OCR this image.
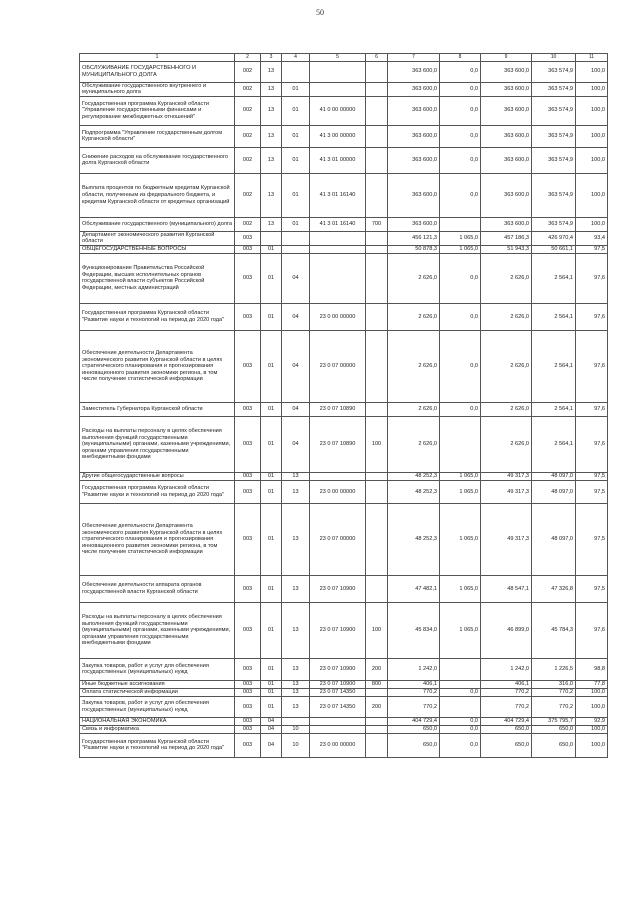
50
1	2	3	4	5	6	7	8	9	10	11
ОБСЛУЖИВАНИЕ ГОСУДАРСТВЕННОГО И МУНИЦИПАЛЬНОГО ДОЛГА	002	13				363 600,0	0,0	363 600,0	363 574,9	100,0
Обслуживание государственного внутреннего и муниципального долга	002	13	01			363 600,0	0,0	363 600,0	363 574,9	100,0
Государственная программа Курганской области "Управление государственными финансами и регулирование межбюджетных отношений"	002	13	01	41 0 00 00000		363 600,0	0,0	363 600,0	363 574,9	100,0
Подпрограмма "Управление государственным долгом Курганской области"	002	13	01	41 3 00 00000		363 600,0	0,0	363 600,0	363 574,9	100,0
Снижение расходов на обслуживание государственного долга Курганской области	002	13	01	41 3 01 00000		363 600,0	0,0	363 600,0	363 574,9	100,0
Выплата процентов по бюджетным кредитам Курганской области, полученным из федерального бюджета, и кредитам Курганской области от кредитных организаций	002	13	01	41 3 01 16140		363 600,0	0,0	363 600,0	363 574,9	100,0
Обслуживание государственного (муниципального) долга	002	13	01	41 3 01 16140	700	363 600,0		363 600,0	363 574,9	100,0
Департамент экономического развития Курганской области	003					456 121,3	1 065,0	457 186,3	426 970,4	93,4
ОБЩЕГОСУДАРСТВЕННЫЕ ВОПРОСЫ	003	01				50 878,3	1 065,0	51 943,3	50 661,1	97,5
Функционирование Правительства Российской Федерации, высших исполнительных органов государственной власти субъектов Российской Федерации, местных администраций	003	01	04			2 626,0	0,0	2 626,0	2 564,1	97,6
Государственная программа Курганской области "Развитие науки и технологий на период до 2020 года"	003	01	04	23 0 00 00000		2 626,0	0,0	2 626,0	2 564,1	97,6
Обеспечение деятельности Департамента экономического развития Курганской области в целях стратегического планирования и прогнозирования инновационного развития экономики региона, в том числе получение статистической информации	003	01	04	23 0 07 00000		2 626,0	0,0	2 626,0	2 564,1	97,6
Заместитель Губернатора Курганской области	003	01	04	23 0 07 10890		2 626,0	0,0	2 626,0	2 564,1	97,6
Расходы на выплаты персоналу в целях обеспечения выполнения функций государственными (муниципальными) органами, казенными учреждениями, органами управления государственными внебюджетными фондами	003	01	04	23 0 07 10890	100	2 626,0		2 626,0	2 564,1	97,6
Другие общегосударственные вопросы	003	01	13			48 252,3	1 065,0	49 317,3	48 097,0	97,5
Государственная программа Курганской области "Развитие науки и технологий на период до 2020 года"	003	01	13	23 0 00 00000		48 252,3	1 065,0	49 317,3	48 097,0	97,5
Обеспечение деятельности Департамента экономического развития Курганской области в целях стратегического планирования и прогнозирования инновационного развития экономики региона, в том числе получение статистической информации	003	01	13	23 0 07 00000		48 252,3	1 065,0	49 317,3	48 097,0	97,5
Обеспечение деятельности аппарата органов государственной власти Курганской области	003	01	13	23 0 07 10900		47 482,1	1 065,0	48 547,1	47 326,8	97,5
Расходы на выплаты персоналу в целях обеспечения выполнения функций государственными (муниципальными) органами, казенными учреждениями, органами управления государственными внебюджетными фондами	003	01	13	23 0 07 10900	100	45 834,0	1 065,0	46 899,0	45 784,3	97,6
Закупка товаров, работ и услуг для обеспечения государственных (муниципальных) нужд	003	01	13	23 0 07 10900	200	1 242,0		1 242,0	1 226,5	98,8
Иные бюджетные ассигнования	003	01	13	23 0 07 10900	800	406,1		406,1	316,0	77,8
Оплата статистической информации	003	01	13	23 0 07 14350		770,2	0,0	770,2	770,2	100,0
Закупка товаров, работ и услуг для обеспечения государственных (муниципальных) нужд	003	01	13	23 0 07 14350	200	770,2		770,2	770,2	100,0
НАЦИОНАЛЬНАЯ ЭКОНОМИКА	003	04				404 729,4	0,0	404 729,4	375 795,7	92,9
Связь и информатика	003	04	10			650,0	0,0	650,0	650,0	100,0
Государственная программа Курганской области "Развитие науки и технологий на период до 2020 года"	003	04	10	23 0 00 00000		650,0	0,0	650,0	650,0	100,0
